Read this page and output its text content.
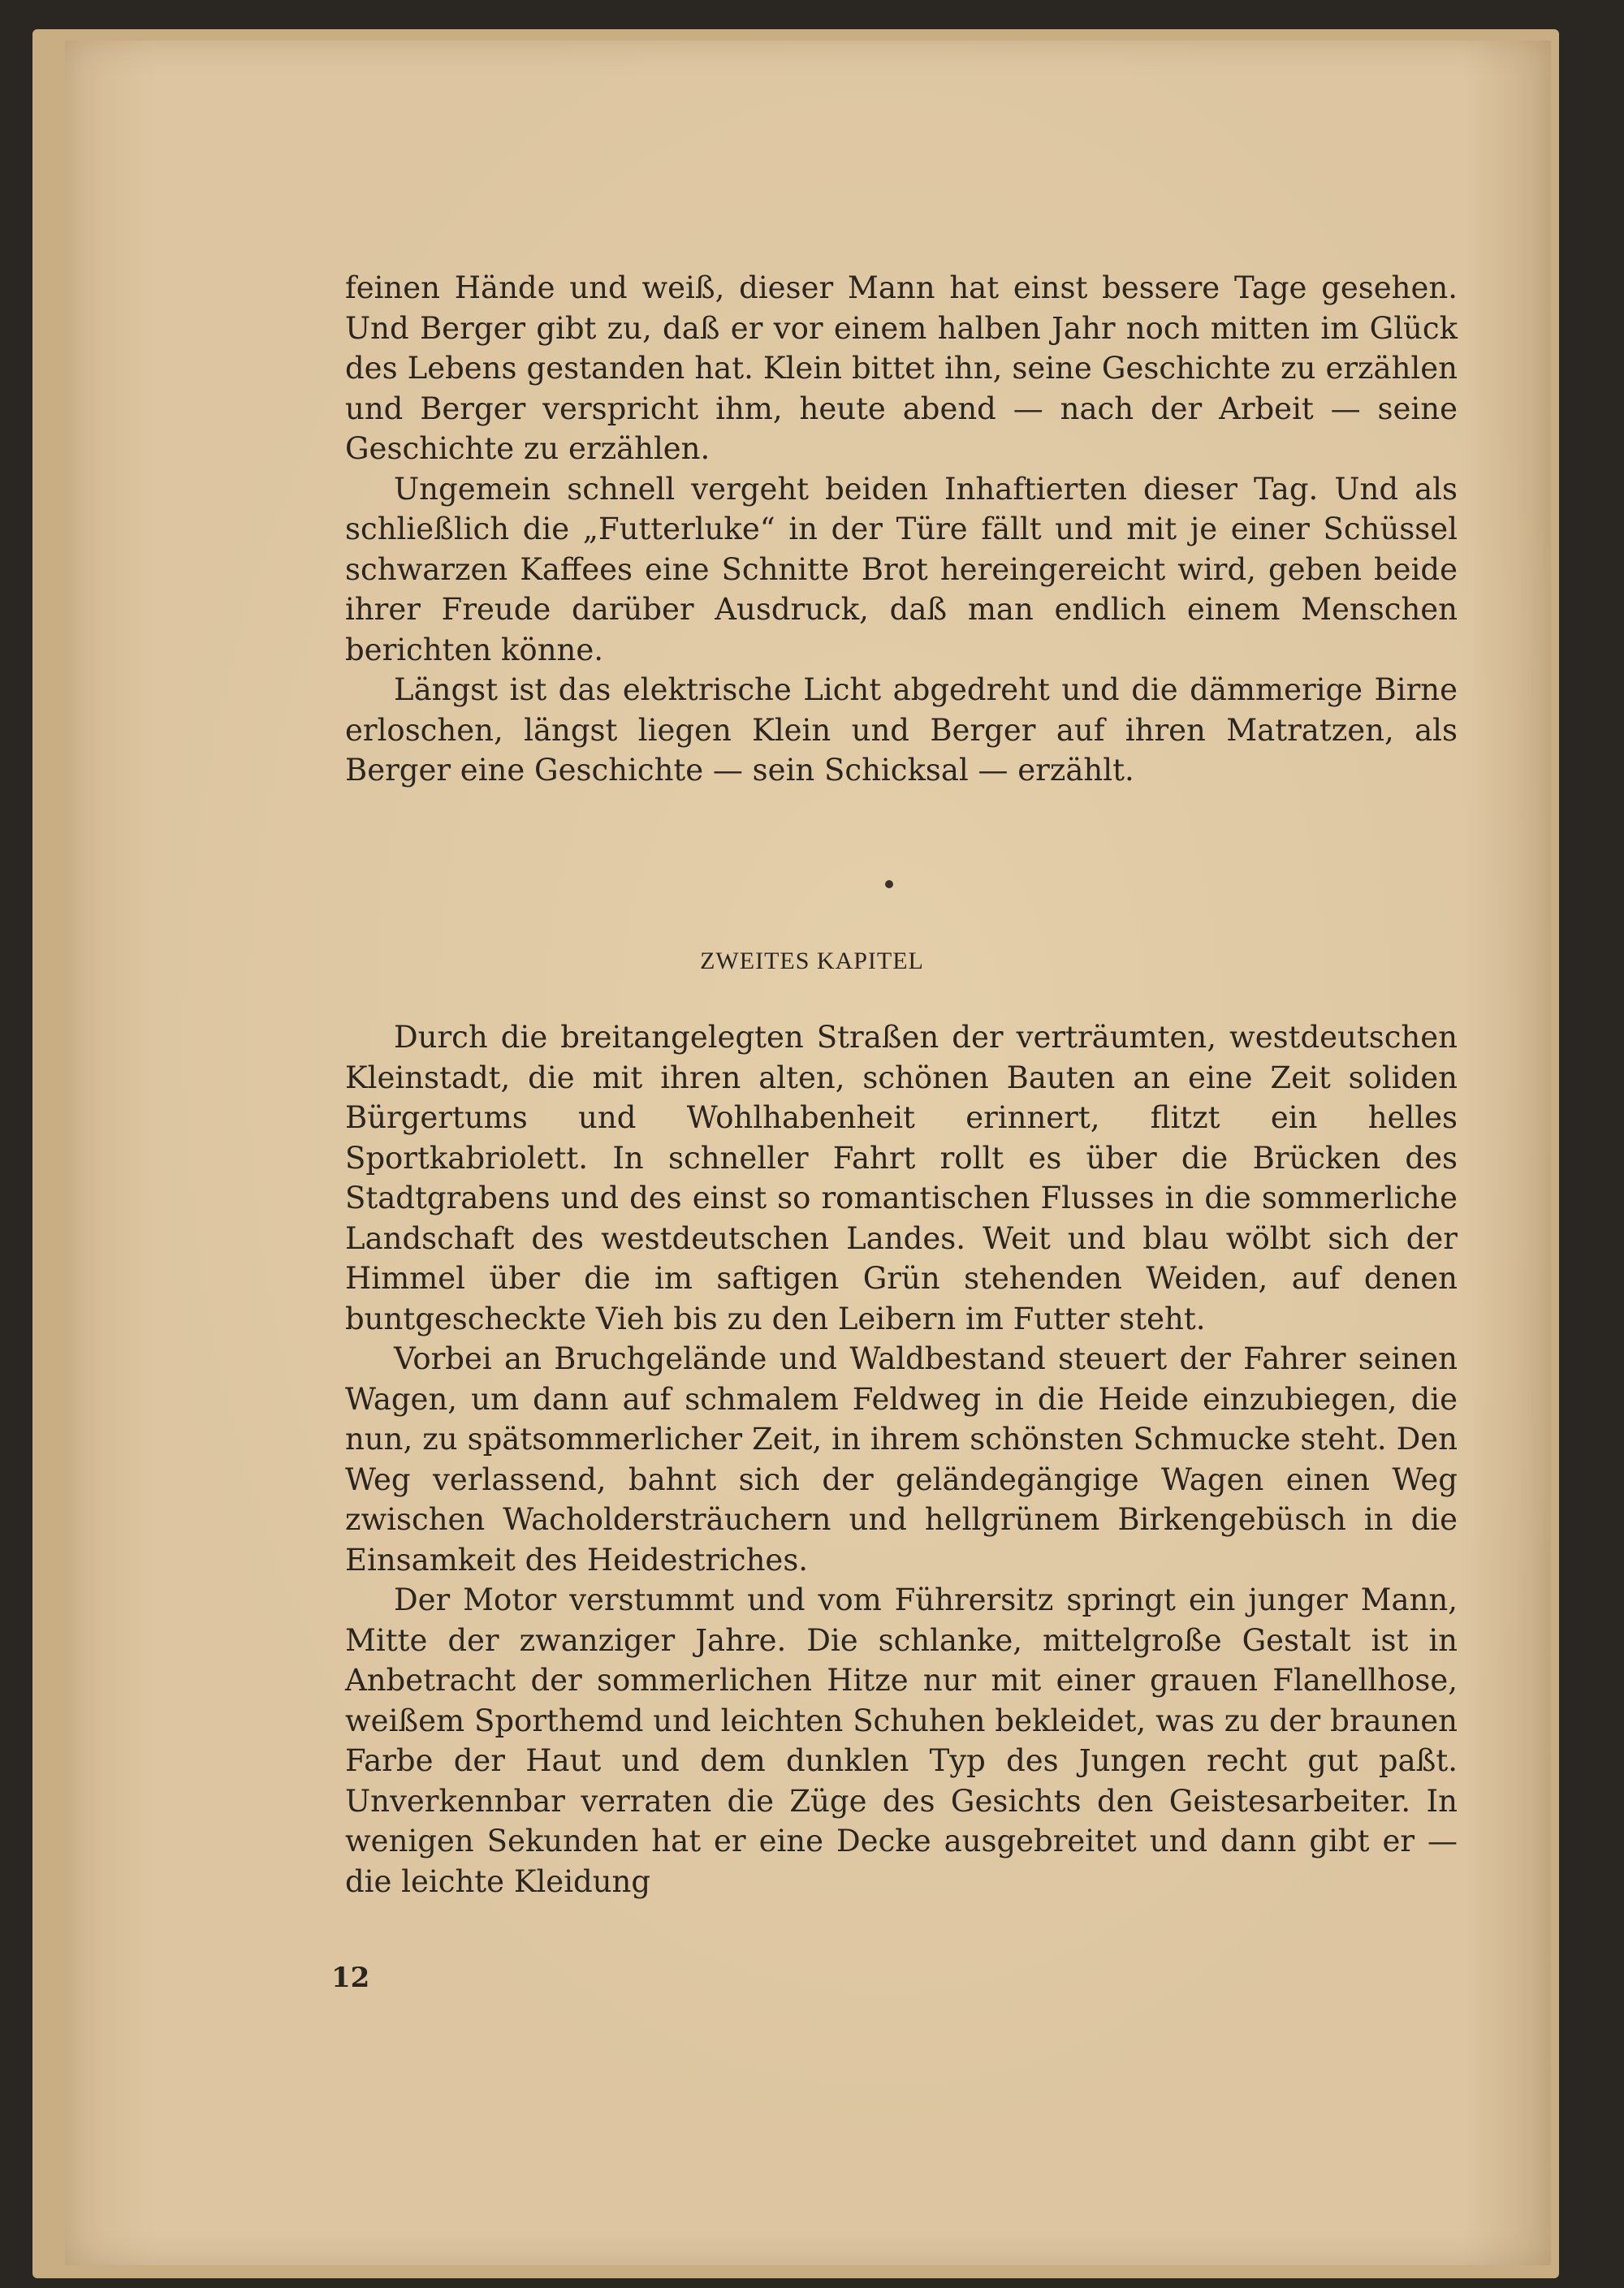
feinen Hände und weiß, dieser Mann hat einst bessere Tage gesehen. Und Berger gibt zu, daß er vor einem halben Jahr noch mitten im Glück des Lebens gestanden hat. Klein bittet ihn, seine Geschichte zu erzählen und Berger verspricht ihm, heute abend — nach der Arbeit — seine Geschichte zu erzählen.

Ungemein schnell vergeht beiden Inhaftierten dieser Tag. Und als schließlich die „Futterluke“ in der Türe fällt und mit je einer Schüssel schwarzen Kaffees eine Schnitte Brot hereingereicht wird, geben beide ihrer Freude darüber Ausdruck, daß man endlich einem Menschen berichten könne.

Längst ist das elektrische Licht abgedreht und die dämmerige Birne erloschen, längst liegen Klein und Berger auf ihren Matratzen, als Berger eine Geschichte — sein Schicksal — erzählt.

ZWEITES KAPITEL

Durch die breitangelegten Straßen der verträumten, westdeutschen Kleinstadt, die mit ihren alten, schönen Bauten an eine Zeit soliden Bürgertums und Wohlhabenheit erinnert, flitzt ein helles Sportkabriolett. In schneller Fahrt rollt es über die Brücken des Stadtgrabens und des einst so romantischen Flusses in die sommerliche Landschaft des westdeutschen Landes. Weit und blau wölbt sich der Himmel über die im saftigen Grün stehenden Weiden, auf denen buntgescheckte Vieh bis zu den Leibern im Futter steht.

Vorbei an Bruchgelände und Waldbestand steuert der Fahrer seinen Wagen, um dann auf schmalem Feldweg in die Heide einzubiegen, die nun, zu spätsommerlicher Zeit, in ihrem schönsten Schmucke steht. Den Weg verlassend, bahnt sich der geländegängige Wagen einen Weg zwischen Wacholdersträuchern und hellgrünem Birkengebüsch in die Einsamkeit des Heidestriches.

Der Motor verstummt und vom Führersitz springt ein junger Mann, Mitte der zwanziger Jahre. Die schlanke, mittelgroße Gestalt ist in Anbetracht der sommerlichen Hitze nur mit einer grauen Flanellhose, weißem Sporthemd und leichten Schuhen bekleidet, was zu der braunen Farbe der Haut und dem dunklen Typ des Jungen recht gut paßt. Unverkennbar verraten die Züge des Gesichts den Geistesarbeiter. In wenigen Sekunden hat er eine Decke ausgebreitet und dann gibt er — die leichte Kleidung

12
